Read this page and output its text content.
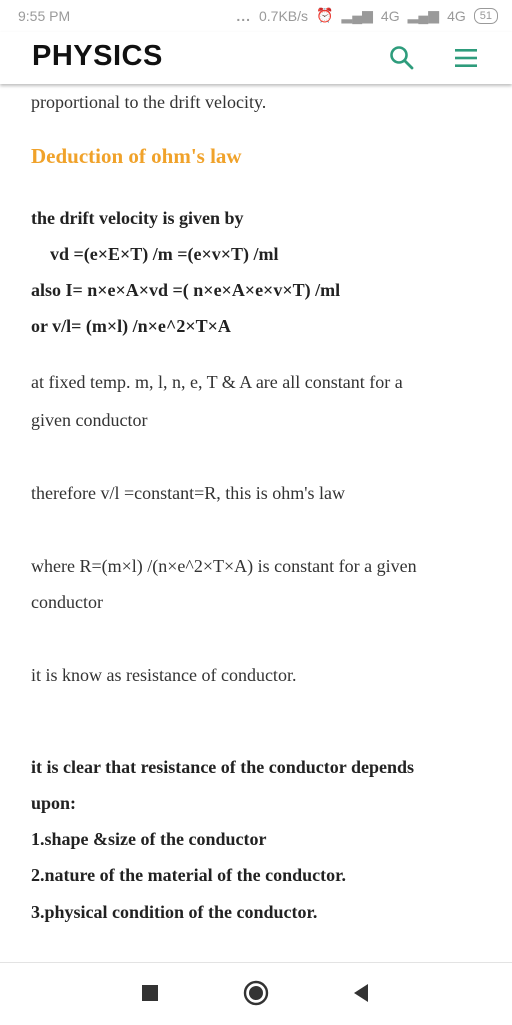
9:55 PM	... 0.7KB/s ⏰ ▂▄▆ 4G ▂▄▆ 4G	51
PHYSICS

proportional to the drift velocity.

Deduction of ohm's law

the drift velocity is given by

vd =(e×E×T) /m =(e×v×T) /ml

also I= n×e×A×vd =( n×e×A×e×v×T) /ml

or v/l= (m×l) /n×e^2×T×A

at fixed temp. m, l, n, e, T & A are all constant for a

given conductor

therefore v/l =constant=R, this is ohm's law

where R=(m×l) /(n×e^2×T×A) is constant for a given

conductor

it is know as resistance of conductor.

it is clear that resistance of the conductor depends

upon:

1.shape &size of the conductor

2.nature of the material of the conductor.

3.physical condition of the conductor.
